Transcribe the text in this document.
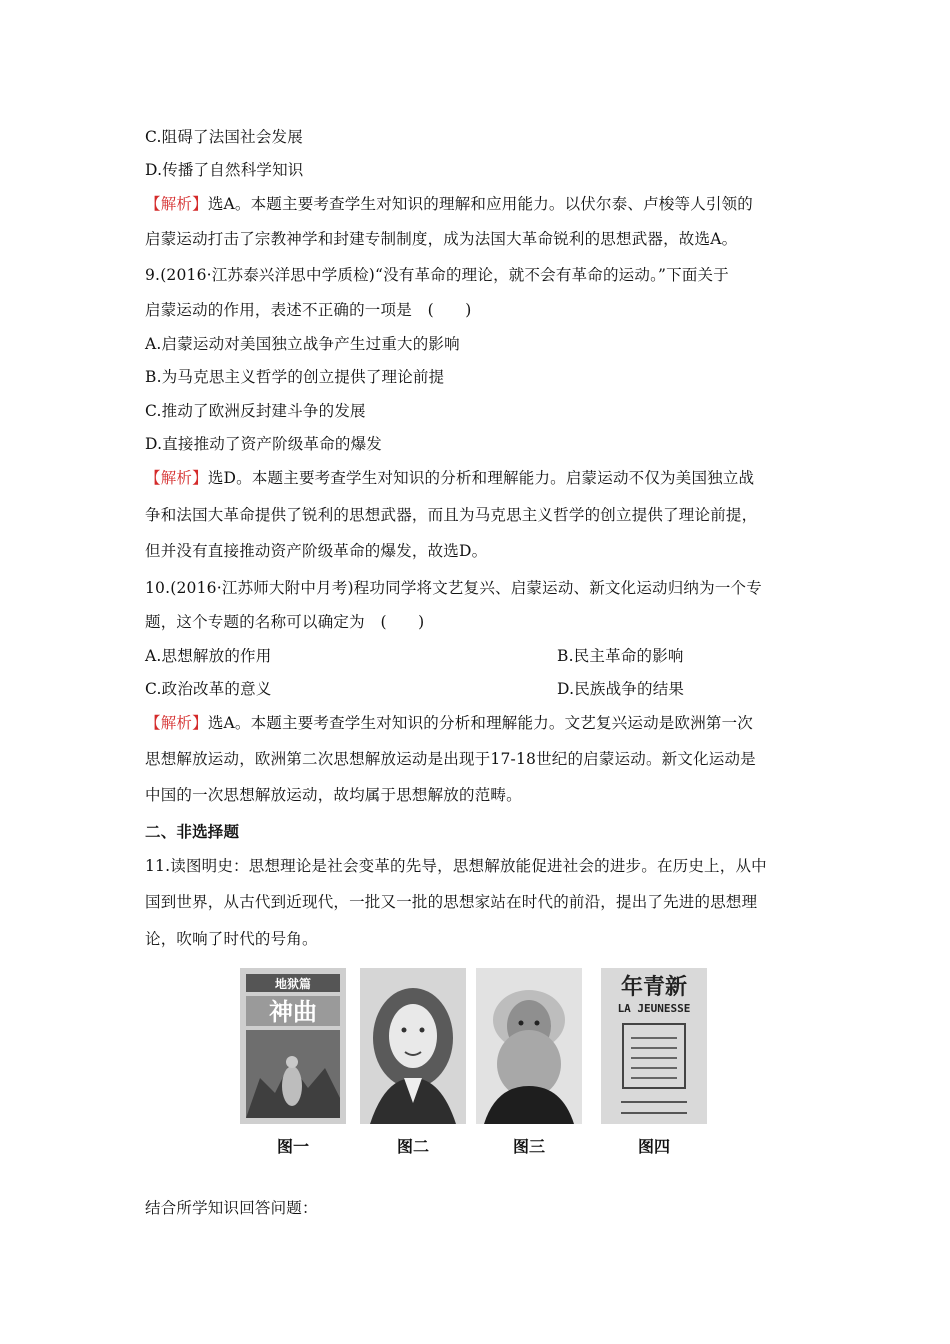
C.阻碍了法国社会发展
D.传播了自然科学知识
【解析】选A。本题主要考查学生对知识的理解和应用能力。以伏尔泰、卢梭等人引领的
启蒙运动打击了宗教神学和封建专制制度，成为法国大革命锐利的思想武器，故选A。
9.(2016·江苏泰兴洋思中学质检)“没有革命的理论，就不会有革命的运动。”下面关于
启蒙运动的作用，表述不正确的一项是　(　　)
A.启蒙运动对美国独立战争产生过重大的影响
B.为马克思主义哲学的创立提供了理论前提
C.推动了欧洲反封建斗争的发展
D.直接推动了资产阶级革命的爆发
【解析】选D。本题主要考查学生对知识的分析和理解能力。启蒙运动不仅为美国独立战
争和法国大革命提供了锐利的思想武器，而且为马克思主义哲学的创立提供了理论前提，
但并没有直接推动资产阶级革命的爆发，故选D。
10.(2016·江苏师大附中月考)程功同学将文艺复兴、启蒙运动、新文化运动归纳为一个专
题，这个专题的名称可以确定为　(　　)
A.思想解放的作用	B.民主革命的影响
C.政治改革的意义	D.民族战争的结果
【解析】选A。本题主要考查学生对知识的分析和理解能力。文艺复兴运动是欧洲第一次
思想解放运动，欧洲第二次思想解放运动是出现于17-18世纪的启蒙运动。新文化运动是
中国的一次思想解放运动，故均属于思想解放的范畴。
二、非选择题
11.读图明史：思想理论是社会变革的先导，思想解放能促进社会的进步。在历史上，从中
国到世界，从古代到近现代，一批又一批的思想家站在时代的前沿，提出了先进的思想理
论，吹响了时代的号角。
地狱篇
神曲
年青新
LA JEUNESSE
图一	图二	图三	图四
结合所学知识回答问题：
